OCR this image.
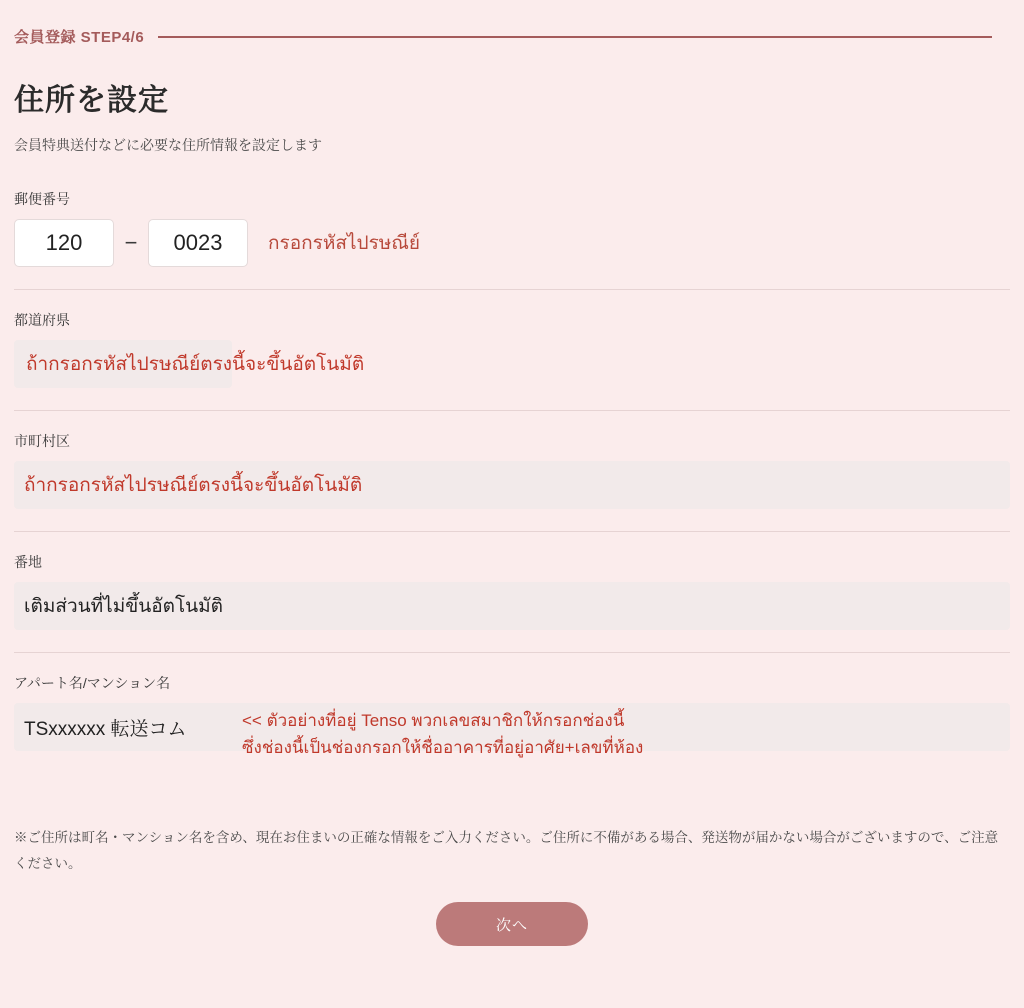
会員登録 STEP4/6
住所を設定
会員特典送付などに必要な住所情報を設定します
郵便番号
120
−
0023	กรอกรหัสไปรษณีย์
都道府県
ถ้ากรอกรหัสไปรษณีย์ตรงนี้จะขึ้นอัตโนมัติ
市町村区
ถ้ากรอกรหัสไปรษณีย์ตรงนี้จะขึ้นอัตโนมัติ
番地
เติมส่วนที่ไม่ขึ้นอัตโนมัติ
アパート名/マンション名
TSxxxxxx 転送コム
<< ตัวอย่างที่อยู่ Tenso พวกเลขสมาชิกให้กรอกช่องนี้
ซึ่งช่องนี้เป็นช่องกรอกให้ชื่ออาคารที่อยู่อาศัย+เลขที่ห้อง
※ご住所は町名・マンション名を含め、現在お住まいの正確な情報をご入力ください。ご住所に不備がある場合、発送物が届かない場合がございますので、ご注意ください。
次へ
